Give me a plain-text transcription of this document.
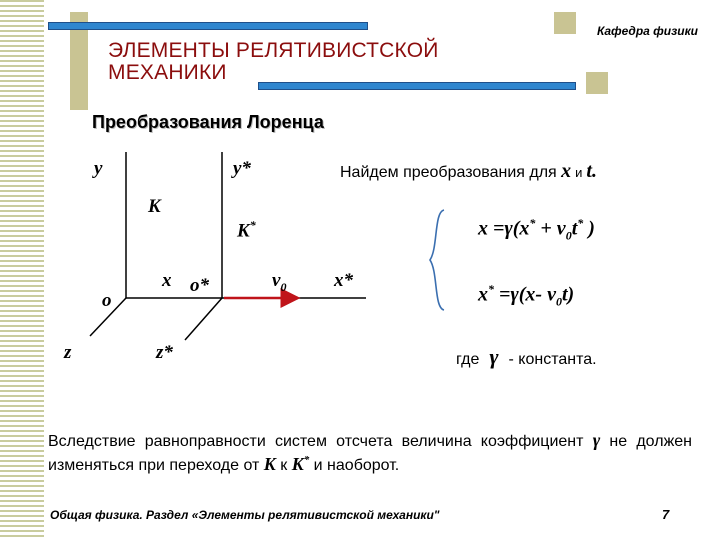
Кафедра физики
ЭЛЕМЕНТЫ РЕЛЯТИВИСТСКОЙ МЕХАНИКИ
Преобразования Лоренца
y	y*
K
K*
x o*	$v_0$	x*
o
z	z*
Найдем преобразования для x и t.
$x =\gamma(x^* + v_0t^*$ )
x* =γ(x- $v_0t$)
где γ - константа.
Вследствие равноправности систем отсчета величина коэффициент γ не должен изменяться при переходе от K к K* и наоборот.
Общая физика. Раздел «Элементы релятивистской механики"	7
